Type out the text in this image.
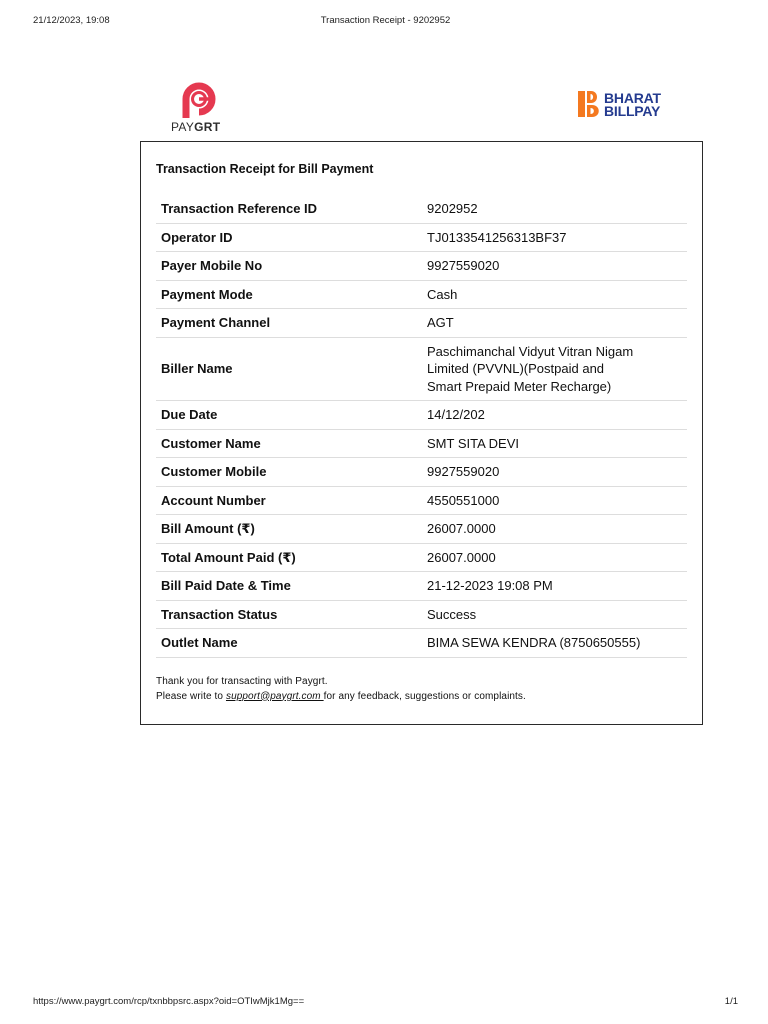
21/12/2023, 19:08	Transaction Receipt - 9202952
PAYGRT
BHARAT
BILLPAY
Transaction Receipt for Bill Payment
Transaction Reference ID	9202952
Operator ID	TJ0133541256313BF37
Payer Mobile No	9927559020
Payment Mode	Cash
Payment Channel	AGT
Biller Name	Paschimanchal Vidyut Vitran Nigam
Limited (PVVNL)(Postpaid and
Smart Prepaid Meter Recharge)

Due Date	14/12/202
Customer Name	SMT SITA DEVI
Customer Mobile	9927559020
Account Number	4550551000
Bill Amount (₹)	26007.0000
Total Amount Paid (₹)	26007.0000
Bill Paid Date & Time	21-12-2023 19:08 PM
Transaction Status	Success
Outlet Name	BIMA SEWA KENDRA (8750650555)
Thank you for transacting with Paygrt.
Please write to support@paygrt.com for any feedback, suggestions or complaints.
https://www.paygrt.com/rcp/txnbbpsrc.aspx?oid=OTIwMjk1Mg==	1/1
